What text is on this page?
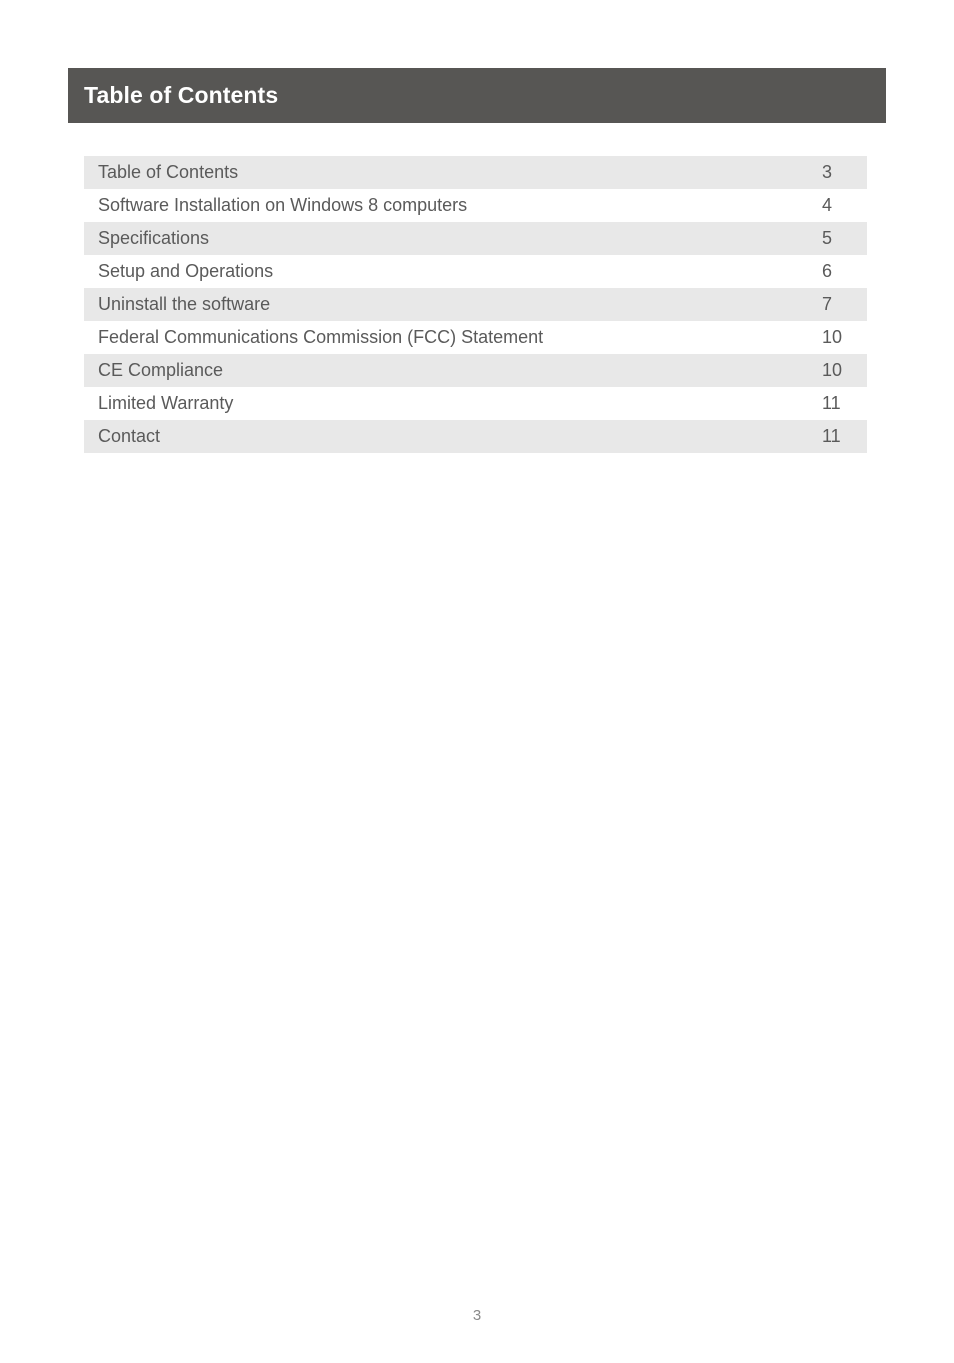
Table of Contents
Table of Contents	3
Software Installation on Windows 8 computers	4
Specifications	5
Setup and Operations	6
Uninstall the software	7
Federal Communications Commission (FCC) Statement	10
CE Compliance	10
Limited Warranty	11
Contact	11
3
